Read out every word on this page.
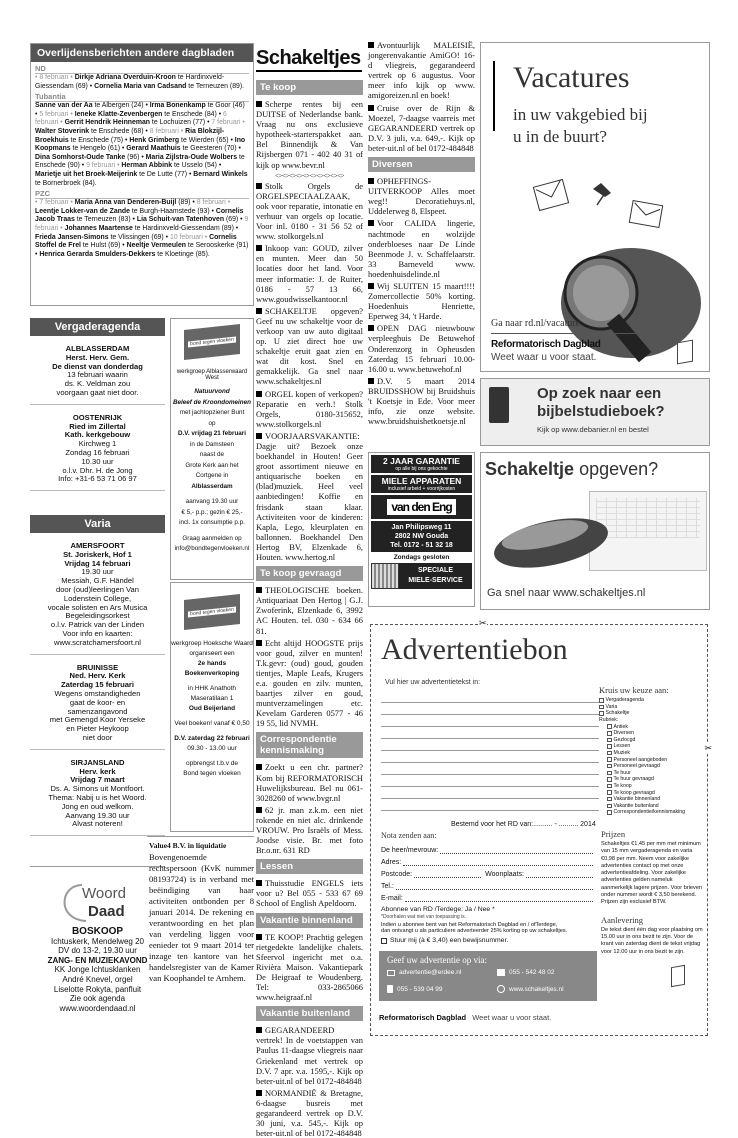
Overlijdensberichten andere dagbladen
ND
• 8 februari • Dirkje Adriana Overduin-Kroon te Hardinxveld-Giessendam (69) • Cornelia Maria van Cadsand te Terneuzen (89).
Tubantia
Sanne van der Aa te Albergen (24) • Irma Bonenkamp te Goor (46) • 5 februari • Ieneke Klatte-Zevenbergen te Enschede (84) • 6 februari • Gerrit Hendrik Heinneman te Lochuizen (77) • 7 februari • Walter Stoverink te Enschede (68) • 8 februari • Ria Blokzijl-Broekhuis te Enschede (75) • Henk Grimberg te Wierden (65) • Ino Koopmans te Hengelo (61) • Gerard Maathuis te Geesteren (70) • Dina Somhorst-Oude Tanke (96) • Maria Zijlstra-Oude Wolbers te Enschede (90) • 9 februari • Herman Abbink te Usselo (54) • Marietje uit het Broek-Meijerink te De Lutte (77) • Bernard Winkels te Bornerbroek (84).
PZC
• 7 februari • Maria Anna van Denderen-Buijl (89) • 8 februari • Leentje Lokker-van de Zande te Burgh-Haamstede (93) • Cornelis Jacob Traas te Terneuzen (83) • Lia Schuit-van Tatenhoven (69) • 9 februari • Johannes Maartense te Hardinxveld-Giessendam (89) • Frieda Jansen-Simons te Vlissingen (69) • 10 februari • Cornelis Stoffel de Frel te Hulst (69) • Neeltje Vermeulen te Serooskerke (91) • Henrica Gerarda Smulders-Dekkers te Kloetinge (85).
Vergaderagenda
ALBLASSERDAM
Herst. Herv. Gem.
De dienst van donderdag
13 februari waarin
ds. K. Veldman zou
voorgaan gaat niet door.
OOSTENRIJK
Ried im Zillertal
Kath. kerkgebouw
Kirchweg 1
Zondag 16 februari
10.30 uur
o.l.v. Dhr. H. de Jong
Info: +31-6 53 71 06 97
Varia
AMERSFOORT
St. Joriskerk, Hof 1
Vrijdag 14 februari
19.30 uur
Messiah, G.F. Händel
door (oud)leerlingen Van
Lodenstein College,
vocale solisten en Ars Musica
Begeleidingsorkest
o.l.v. Patrick van der Linden
Voor info en kaarten:
www.scratchamersfoort.nl
BRUINISSE
Ned. Herv. Kerk
Zaterdag 15 februari
Wegens omstandigheden
gaat de koor- en
samenzangavond
met Gemengd Koor Yerseke
en Pieter Heykoop
niet door
SIRJANSLAND
Herv. kerk
Vrijdag 7 maart
Ds. A. Simons uit Montfoort.
Thema: Nabij u is het Woord.
Jong en oud welkom.
Aanvang 19.30 uur
Alvast noteren!
Woord
Daad
BOSKOOP
Ichtuskerk, Mendelweg 20
DV do 13-2, 19.30 uur
ZANG- EN MUZIEKAVOND
KK Jonge Ichtusklanken
André Knevel, orgel
Liselotte Rokyta, panfluit
Zie ook agenda
www.woordendaad.nl
bond tegen vloeken
werkgroep Alblasserwaard West
Natuurvond
Beleef de Kroondomeinen
met jachtopziener Bunt
op
D.V. vrijdag 21 februari
in de Damsteen
naast de
Grote Kerk aan het
Cortgene in
Alblasserdam
aanvang 19.30 uur
€ 5,- p.p.; gezin € 25,-
incl. 1x consumptie p.p.
Graag aanmelden op
info@bondtegenvloeken.nl
bond tegen vloeken
werkgroep Hoeksche Waard
organiseert een
2e hands
Boekenverkoping
in HHK Anathoth
Maseratilaan 1
Oud Beijerland
Veel boeken! vanaf € 0,50
D.V. zaterdag 22 februari
09.30 - 13.00 uur
opbrengst t.b.v de
Bond tegen vloeken
Value4 B.V. in liquidatie
Bovengenoemde rechtspersoon (KvK nummer 08193724) is in verband met beëindiging van haar activiteiten ontbonden per 8 januari 2014. De rekening en verantwoording en het plan van verdeling liggen voor eenieder tot 9 maart 2014 ter inzage ten kantore van het handelsregister van de Kamer van Koophandel te Arnhem.
Schakeltjes
Te koop
Scherpe rentes bij een DUITSE of Nederlandse bank. Vraag nu ons exclusieve hypotheek-starterspakket aan. Bel Binnendijk & Van Rijsbergen 071 - 402 40 31 of kijk op www.bevr.nl
<><><><><><><><><><>
Stolk Orgels de ORGELSPECIAALZAAK, ook voor reparatie, intonatie en verhuur van orgels op locatie. Voor inl. 0180 - 31 56 52 of www. stolkorgels.nl
Inkoop van: GOUD, zilver en munten. Meer dan 50 locaties door het land. Voor meer informatie: J. de Ruiter, 0186 - 57 13 66, www.goudwisselkantoor.nl
SCHAKELTJE opgeven? Geef nu uw schakeltje voor de verkoop van uw auto digitaal op. U ziet direct hoe uw schakeltje eruit gaat zien en wat dit kost. Snel en gemakkelijk. Ga snel naar www.schakeltjes.nl
ORGEL kopen of verkopen? Reparatie en verh.! Stolk Orgels, 0180-315652, www.stolkorgels.nl
VOORJAARSVAKANTIE: Dagje uit? Bezoek onze boekhandel in Houten! Geer groot assortiment nieuwe en antiquarische boeken en (blad)muziek. Heel veel aanbiedingen! Koffie en frisdank staan klaar. Activiteiten voor de kinderen: Kapla, Lego, kleurplaten en ballonnen. Boekhandel Den Hertog BV, Elzenkade 6, Houten. www.hertog.nl
Te koop gevraagd
THEOLOGISCHE boeken. Antiquariaat Den Hertog | G.J. Zwoferink, Elzenkade 6, 3992 AC Houten. tel. 030 - 634 66 81.
Echt altijd HOOGSTE prijs voor goud, zilver en munten! T.k.gevr: (oud) goud, gouden tientjes, Maple Leafs, Krugers e.a. gouden en zilv. munten, baartjes zilver en goud, muntverzamelingen etc. Kevelam Garderen 0577 - 46 19 55, lid NVMH.
Correspondentie kennismaking
Zoekt u een chr. partner? Kom bij REFORMATORISCH Huwelijksbureau. Bel nu 061-3028260 of www.bvgr.nl
62 jr. man z.k.m. een niet rokende en niet alc. drinkende VROUW. Pro Israëls of Mess. Joodse visie. Br. met foto Br.o.nr. 631 RD
Lessen
Thuisstudie ENGELS iets voor u? Bel 055 - 533 67 69 School of English Apeldoorn.
Vakantie binnenland
TE KOOP! Prachtig gelegen rietgedekte landelijke chalets. Sfeervol ingericht met o.a. Rivièra Maison. Vakantiepark De Heigraaf te Woudenberg. Tel: 033-2865066 www.heigraaf.nl
Vakantie buitenland
GEGARANDEERD vertrek! In de voetstappen van Paulus 11-daagse vliegreis naar Griekenland met vertrek op D.V. 7 apr. v.a. 1595,-. Kijk op beter-uit.nl of bel 0172-484848
NORMANDIË & Bretagne, 6-daagse busreis met gegarandeerd vertrek op D.V. 30 juni, v.a. 545,-. Kijk op beter-uit.nl of bel 0172-484848
Avontuurlijk MALEISIË, jongerenvakantie AmiGO! 16-d vliegreis, gegarandeerd vertrek op 6 augustus. Voor meer info kijk op www. amigoreizen.nl en boek!
Cruise over de Rijn & Moezel, 7-daagse vaarreis met GEGARANDEERD vertrek op D.V. 3 juli, v.a. 649,-. Kijk op beter-uit.nl of bel 0172-484848
Diversen
OPHEFFINGS-UITVERKOOP Alles moet weg!! Decoratiehuys.nl, Uddelerweg 8, Elspeet.
Voor CALIDA lingerie, nachtmode en wolzijde onderbloeses naar De Linde Beenmode J. v. Schaffelaarstr. 33 Barneveld www. hoedenhuisdelinde.nl
Wij SLUITEN 15 maart!!!! Zomercollectie 50% korting. Hoedenhuis Henriette, Eperweg 34, 't Harde.
OPEN DAG nieuwbouw verpleeghuis De Betuwehof Onderenzorg in Opheusden Zaterdag 15 februari 10.00-16.00 u. www.betuwehof.nl
D.V. 5 maart 2014 BRUIDSSHOW bij Bruidshuis 't Koetsje in Ede. Voor meer info, zie onze website. www.bruidshuishetkoetsje.nl
2 JAAR GARANTIE
op alle bij ons gekochte
MIELE APPARATEN
inclusief arbeid + voorrijkosten
van den Eng
Jan Philipsweg 11
2802 NW Gouda
Tel. 0172 - 51 32 18
Zondags gesloten
SPECIALE
MIELE-SERVICE
Vacatures
in uw vakgebied bij
u in de buurt?
Ga naar rd.nl/vacature
Reformatorisch Dagblad
Weet waar u voor staat.
Op zoek naar een
bijbelstudieboek?
Kijk op www.debanier.nl en bestel
Schakeltje opgeven?
Ga snel naar www.schakeltjes.nl
✂
✂
Advertentiebon
Vul hier uw advertentietekst in:
Kruis uw keuze aan:
Vergaderagenda
Varia
Schakeltje
Rubriek:
Antiek
Diversen
Gezlocgd
Lessen
Muziek
Personeel aangeboden
Personeel gevraagd
Te huur
Te huur gevraagd
Te koop
Te koop gevraagd
Vakantie binnenland
Vakantie buitenland
Correspondentie/kennismaking
Bestemd voor het RD van:.......... - .......... 2014
Nota zenden aan:
De heer/mevrouw:
Adres:
Postcode:	Woonplaats:
Tel.:
E-mail:
Abonnee van RD /Terdege: Ja / Nee *
*Doorhalen wat niet van toepassing is.
Indien u abonnee bent van het Reformatorisch Dagblad en / ofTerdege,
dan ontvangt u als particuliere adverteerder 25% korting op uw schakeltjes.
Stuur mij (à € 3,40) een bewijsnummer.
Geef uw advertentie op via:
advertentie@erdee.nl	055 - 542 48 02
055 - 539 04 99	www.schakeltjes.nl
Reformatorisch Dagblad Weet waar u voor staat.
Prijzen
Schakeltjes €1,45 per mm met minimum van 15 mm vergaderagenda en varia €0,98 per mm. Neem voor zakelijke advertenties contact op met onze advertentieafdeling. Voor zakelijke advertenties gelden nameluk aanmerkelijk lagere prijzen. Voor brieven onder nummer wordt € 3,50 berekend. Prijzen zijn exclusief BTW.
Aanlevering
De tekst dient één dag voor plaatsing om 15.00 uur in ons bezit te zijn. Voor de krant van zaterdag dient de tekst vrijdag voor 12.00 uur in ons bezit te zijn.
